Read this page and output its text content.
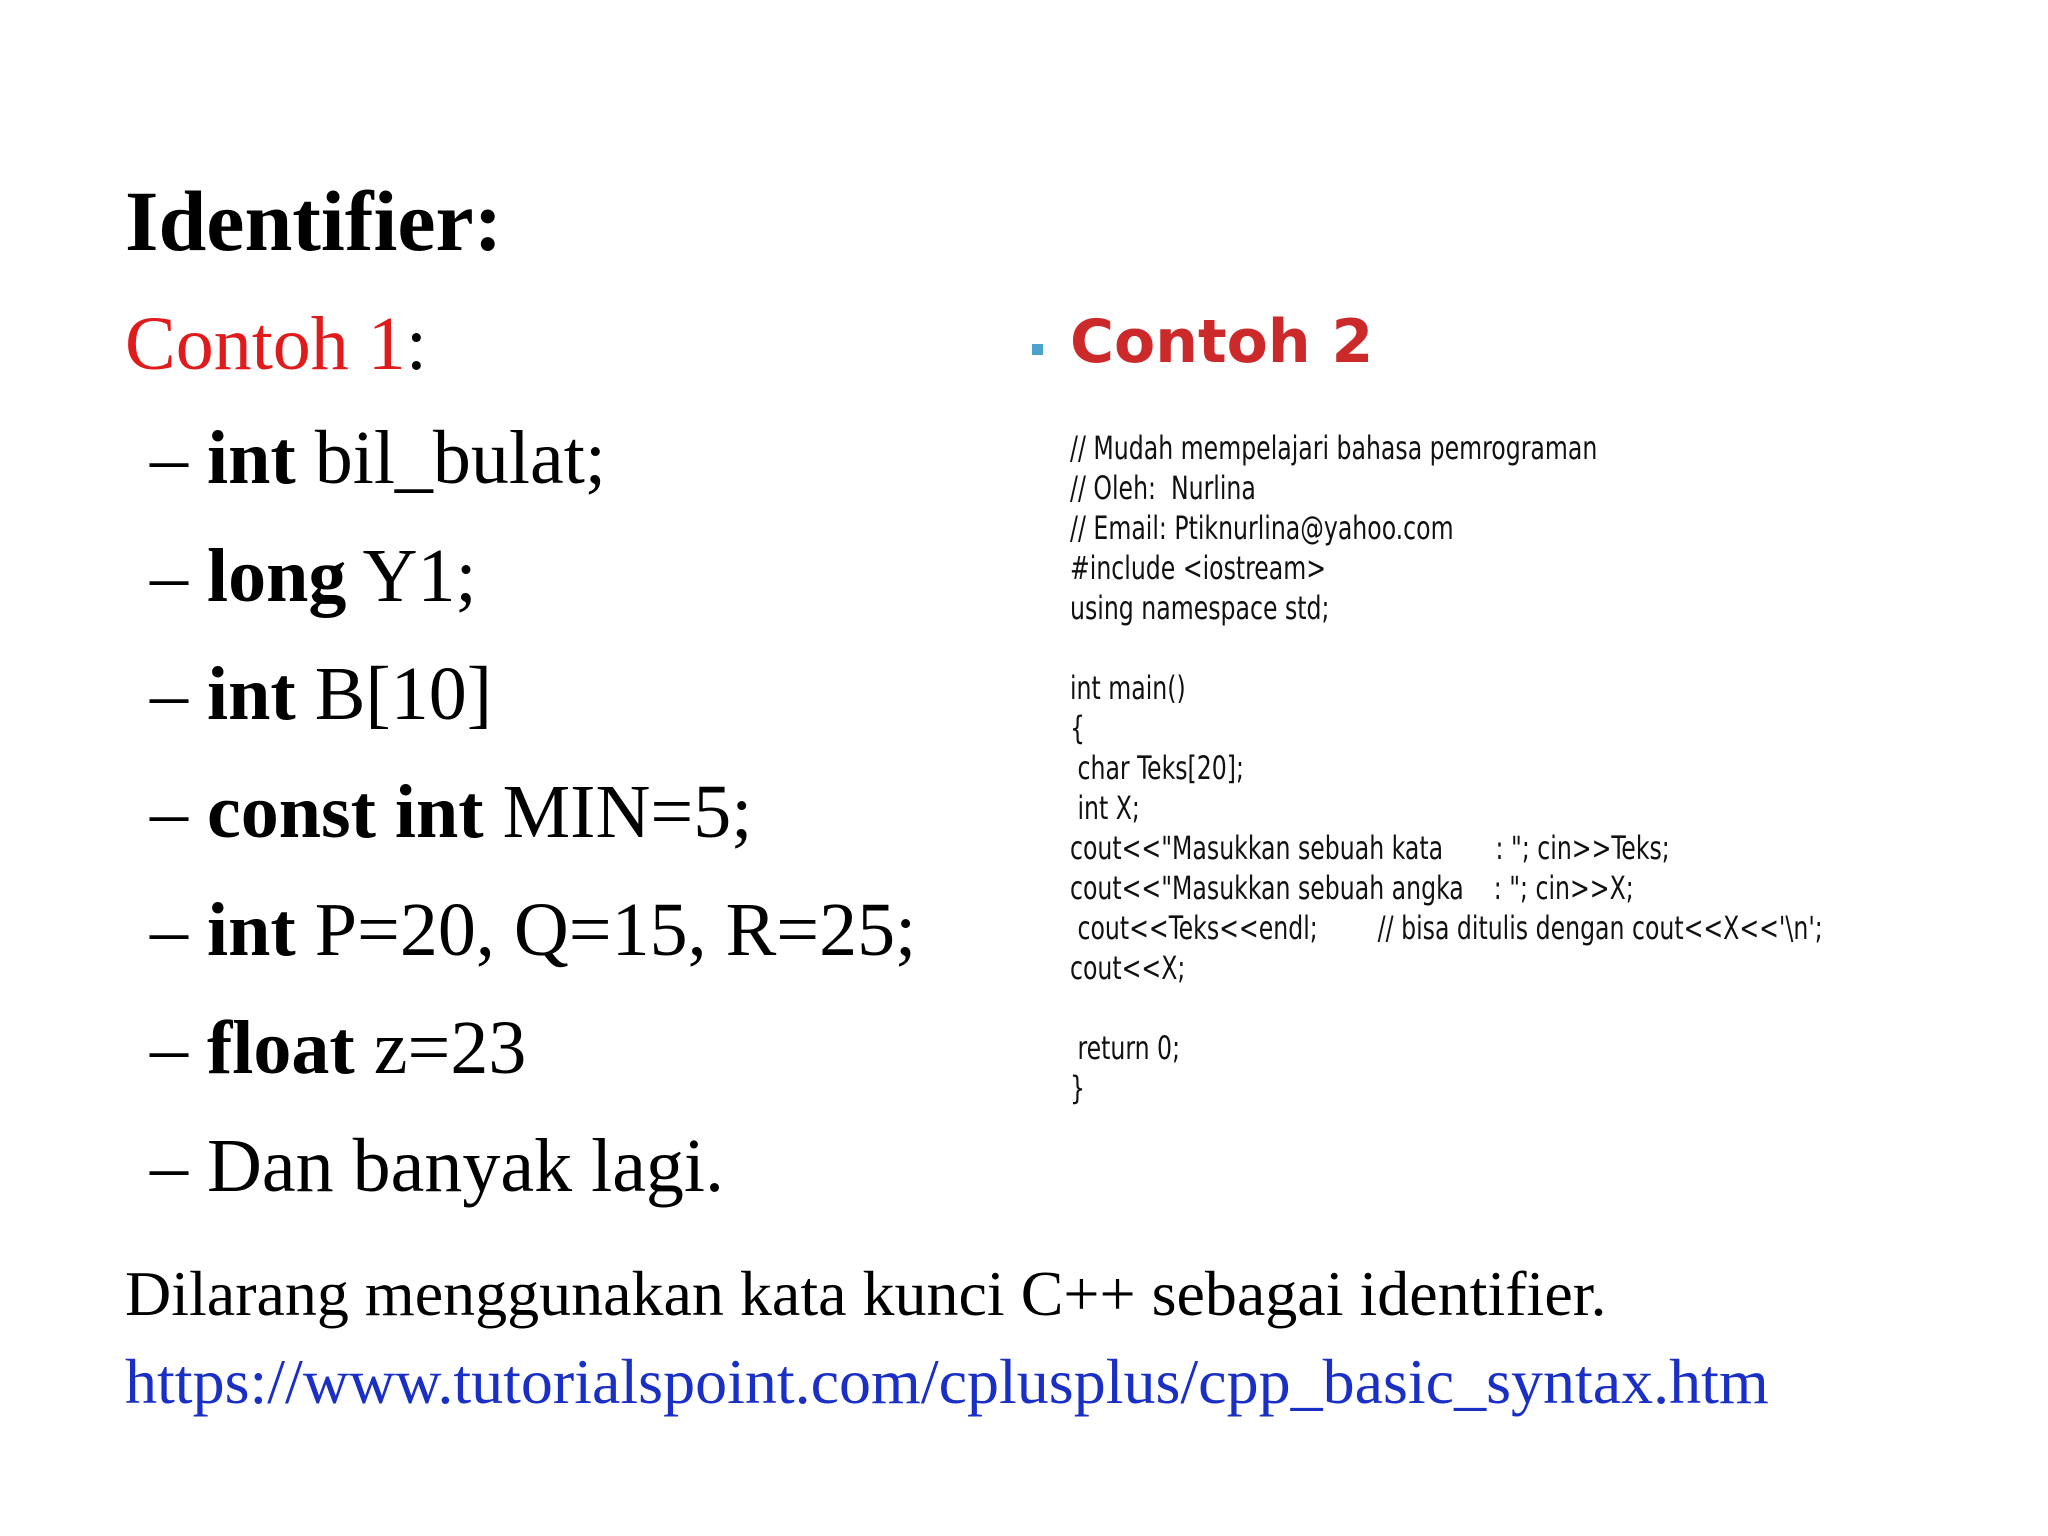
Identifier:
Contoh 1:
– int bil_bulat;
– long Y1;
– int B[10]
– const int MIN=5;
– int P=20, Q=15, R=25;
– float z=23
– Dan banyak lagi.
Contoh 2
// Mudah mempelajari bahasa pemrograman
// Oleh:  Nurlina
// Email: Ptiknurlina@yahoo.com
#include <iostream>
using namespace std;
int main()
{
char Teks[20];
int X;
cout<<"Masukkan sebuah kata       : "; cin>>Teks;
cout<<"Masukkan sebuah angka    : "; cin>>X;
cout<<Teks<<endl;        // bisa ditulis dengan cout<<X<<'\n';
cout<<X;
return 0;
}
Dilarang menggunakan kata kunci C++ sebagai identifier.
https://www.tutorialspoint.com/cplusplus/cpp_basic_syntax.htm
